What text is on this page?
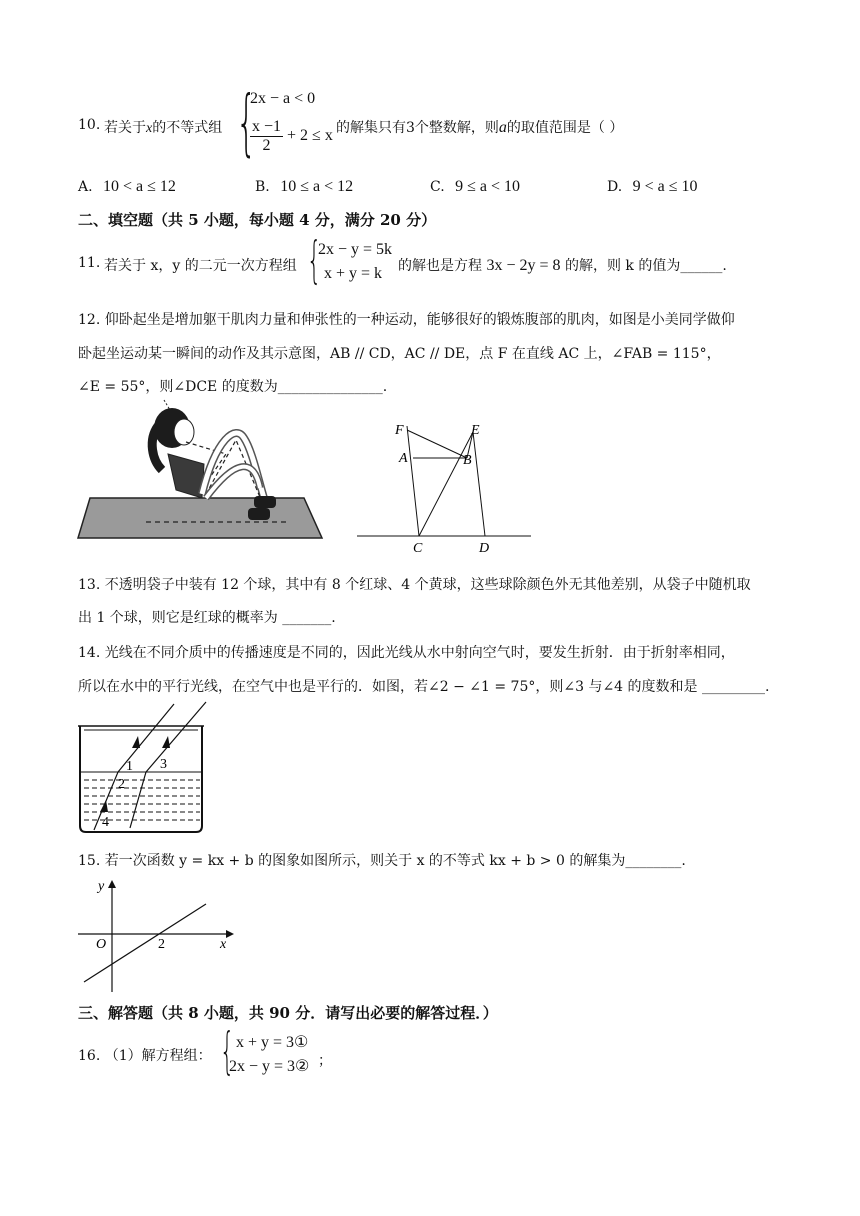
10. 若关于x的不等式组 {
2x − a < 0
$\frac{x -1}{2} + 2 \le x$ 的解集只有3个整数解，则a的取值范围是（ ）
A. 10 < a ≤ 12	B. 10 ≤ a < 12	C. 9 ≤ a < 10	D. 9 < a ≤ 10
二、填空题（共 5 小题，每小题 4 分，满分 20 分）
11. 若关于 x，y 的二元一次方程组 {
2x − y = 5k
x + y = k 的解也是方程 3x − 2y = 8 的解，则 k 的值为______.
12. 仰卧起坐是增加躯干肌肉力量和伸张性的一种运动，能够很好的锻炼腹部的肌肉，如图是小美同学做仰
卧起坐运动某一瞬间的动作及其示意图，AB // CD，AC // DE，点 F 在直线 AC 上，∠FAB = 115°，
∠E = 55°，则∠DCE 的度数为_______________.
F	E
A	B
C	D
13. 不透明袋子中装有 12 个球，其中有 8 个红球、4 个黄球，这些球除颜色外无其他差别，从袋子中随机取
出 1 个球，则它是红球的概率为 _______.
14. 光线在不同介质中的传播速度是不同的，因此光线从水中射向空气时，要发生折射．由于折射率相同，
所以在水中的平行光线，在空气中也是平行的．如图，若∠2 − ∠1 = 75°，则∠3 与∠4 的度数和是 _________.
1
2
3
4
15. 若一次函数 y = kx + b 的图象如图所示，则关于 x 的不等式 kx + b > 0 的解集为________.
y
x
O	2
三、解答题（共 8 小题，共 90 分．请写出必要的解答过程．）
16. （1）解方程组： { x + y = 3①
2x − y = 3② ；
